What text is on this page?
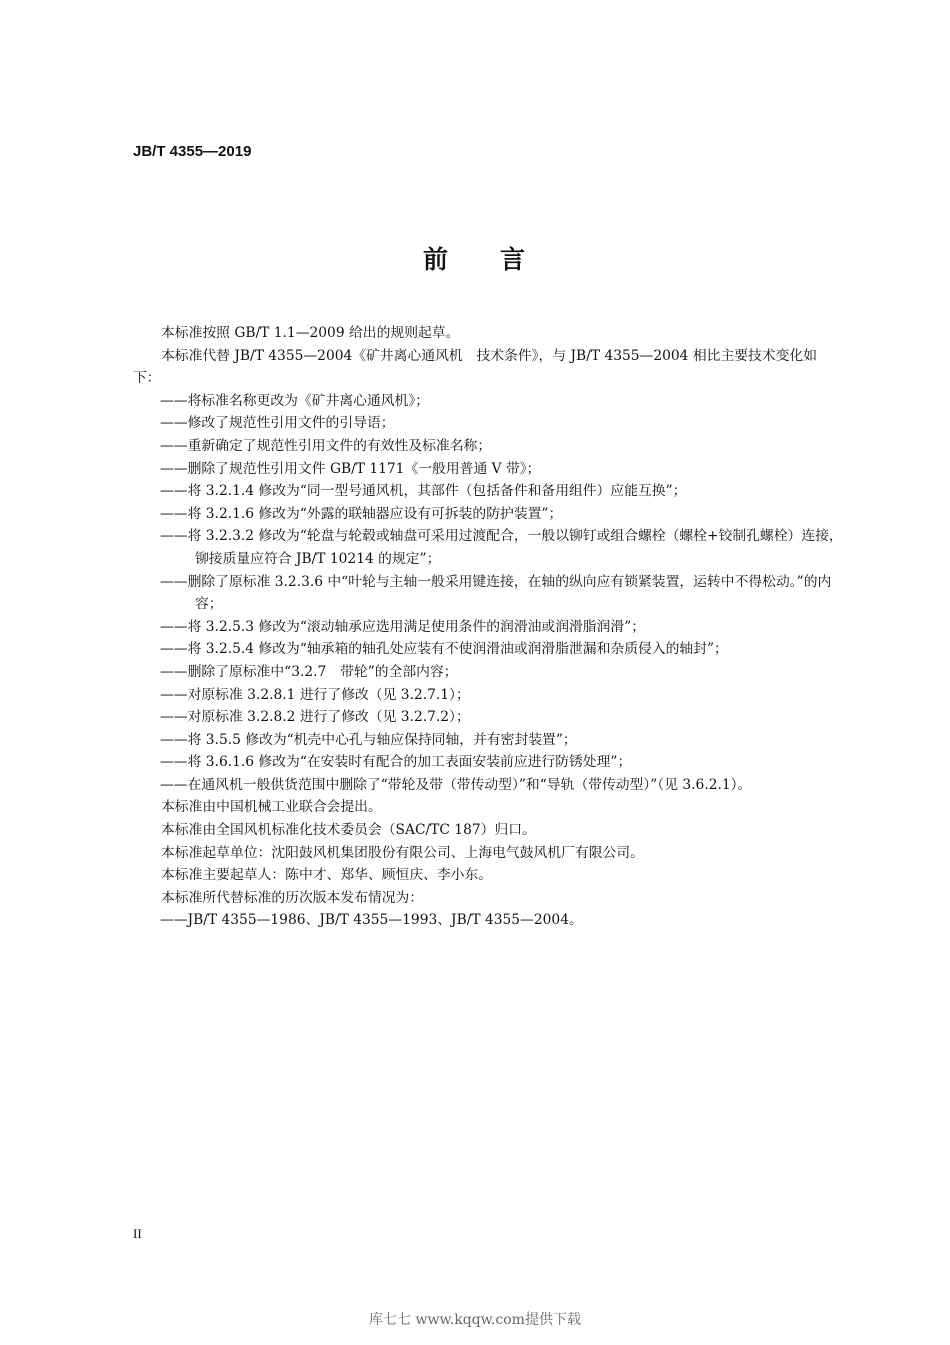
JB/T 4355—2019
前 言

本标准按照 GB/T 1.1—2009 给出的规则起草。

本标准代替 JB/T 4355—2004《矿井离心通风机　技术条件》，与 JB/T 4355—2004 相比主要技术变化如下：

——将标准名称更改为《矿井离心通风机》；

——修改了规范性引用文件的引导语；

——重新确定了规范性引用文件的有效性及标准名称；

——删除了规范性引用文件 GB/T 1171《一般用普通 V 带》；

——将 3.2.1.4 修改为“同一型号通风机，其部件（包括备件和备用组件）应能互换”；

——将 3.2.1.6 修改为“外露的联轴器应设有可拆装的防护装置”；

——将 3.2.3.2 修改为“轮盘与轮毂或轴盘可采用过渡配合，一般以铆钉或组合螺栓（螺栓+铰制孔螺栓）连接，铆接质量应符合 JB/T 10214 的规定”；

——删除了原标准 3.2.3.6 中“叶轮与主轴一般采用键连接，在轴的纵向应有锁紧装置，运转中不得松动。”的内容；

——将 3.2.5.3 修改为“滚动轴承应选用满足使用条件的润滑油或润滑脂润滑”；

——将 3.2.5.4 修改为“轴承箱的轴孔处应装有不使润滑油或润滑脂泄漏和杂质侵入的轴封”；

——删除了原标准中“3.2.7　带轮”的全部内容；

——对原标准 3.2.8.1 进行了修改（见 3.2.7.1）；

——对原标准 3.2.8.2 进行了修改（见 3.2.7.2）；

——将 3.5.5 修改为“机壳中心孔与轴应保持同轴，并有密封装置”；

——将 3.6.1.6 修改为“在安装时有配合的加工表面安装前应进行防锈处理”；

——在通风机一般供货范围中删除了“带轮及带（带传动型）”和“导轨（带传动型）”（见 3.6.2.1）。

本标准由中国机械工业联合会提出。

本标准由全国风机标准化技术委员会（SAC/TC 187）归口。

本标准起草单位：沈阳鼓风机集团股份有限公司、上海电气鼓风机厂有限公司。

本标准主要起草人：陈中才、郑华、顾恒庆、李小东。

本标准所代替标准的历次版本发布情况为：

——JB/T 4355—1986、JB/T 4355—1993、JB/T 4355—2004。

II
库七七 www.kqqw.com提供下载
